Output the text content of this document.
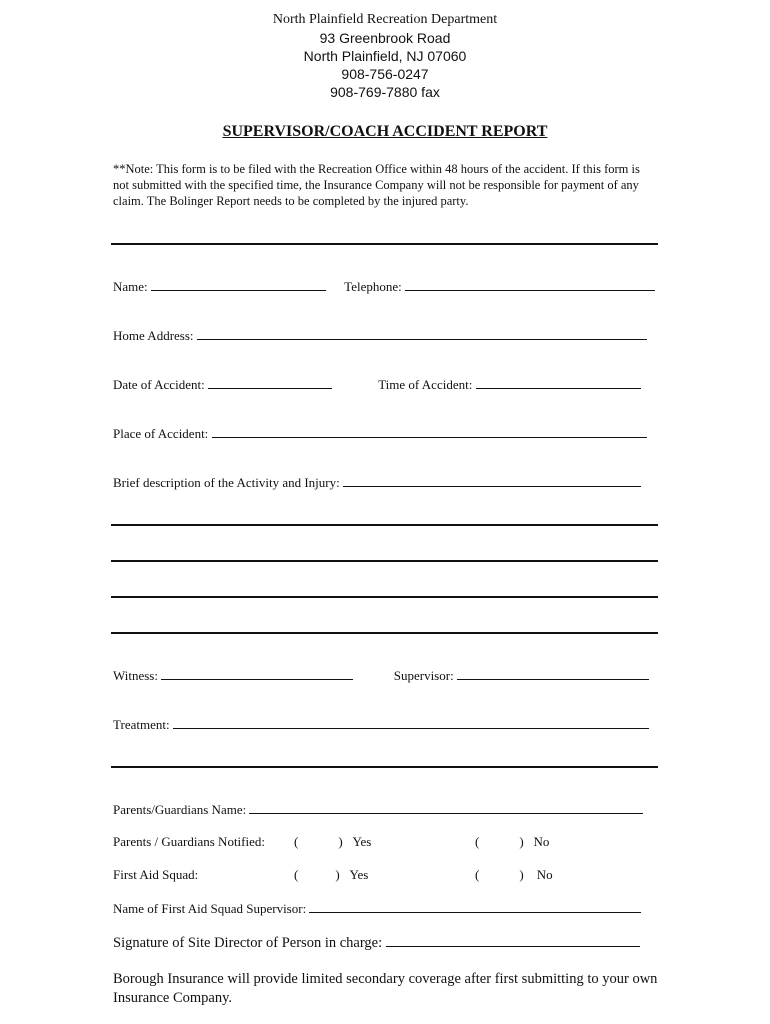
North Plainfield Recreation Department
93 Greenbrook Road
North Plainfield, NJ 07060
908-756-0247
908-769-7880 fax
SUPERVISOR/COACH ACCIDENT REPORT
**Note: This form is to be filed with the Recreation Office within 48 hours of the accident. If this form is not submitted with the specified time, the Insurance Company will not be responsible for payment of any claim. The Bolinger Report needs to be completed by the injured party.
Name:	Telephone:
Home Address:
Date of Accident:	Time of Accident:
Place of Accident:
Brief description of the Activity and Injury:
Witness:	Supervisor:
Treatment:
Parents/Guardians Name:
Parents / Guardians Notified:	(	) Yes	(	) No
First Aid Squad:	(	) Yes	(	) No
Name of First Aid Squad Supervisor:
Signature of Site Director of Person in charge:
Borough Insurance will provide limited secondary coverage after first submitting to your own Insurance Company.
